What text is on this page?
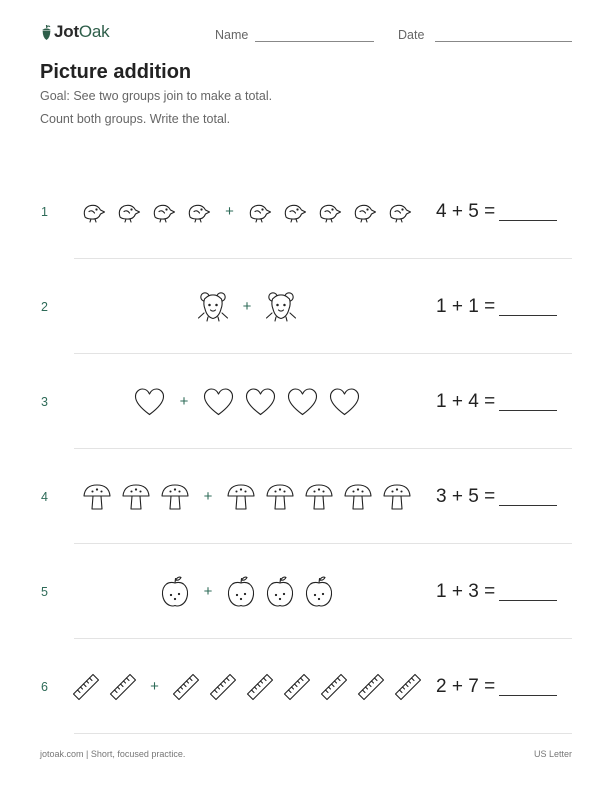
JotOak	Name	Date
Picture addition

Goal: See two groups join to make a total.

Count both groups. Write the total.

1	+	4 + 5 =
2	+	1 + 1 =
3	+	1 + 4 =
4	+	3 + 5 =
5	+	1 + 3 =
6	+	2 + 7 =
jotoak.com | Short, focused practice.	US Letter
